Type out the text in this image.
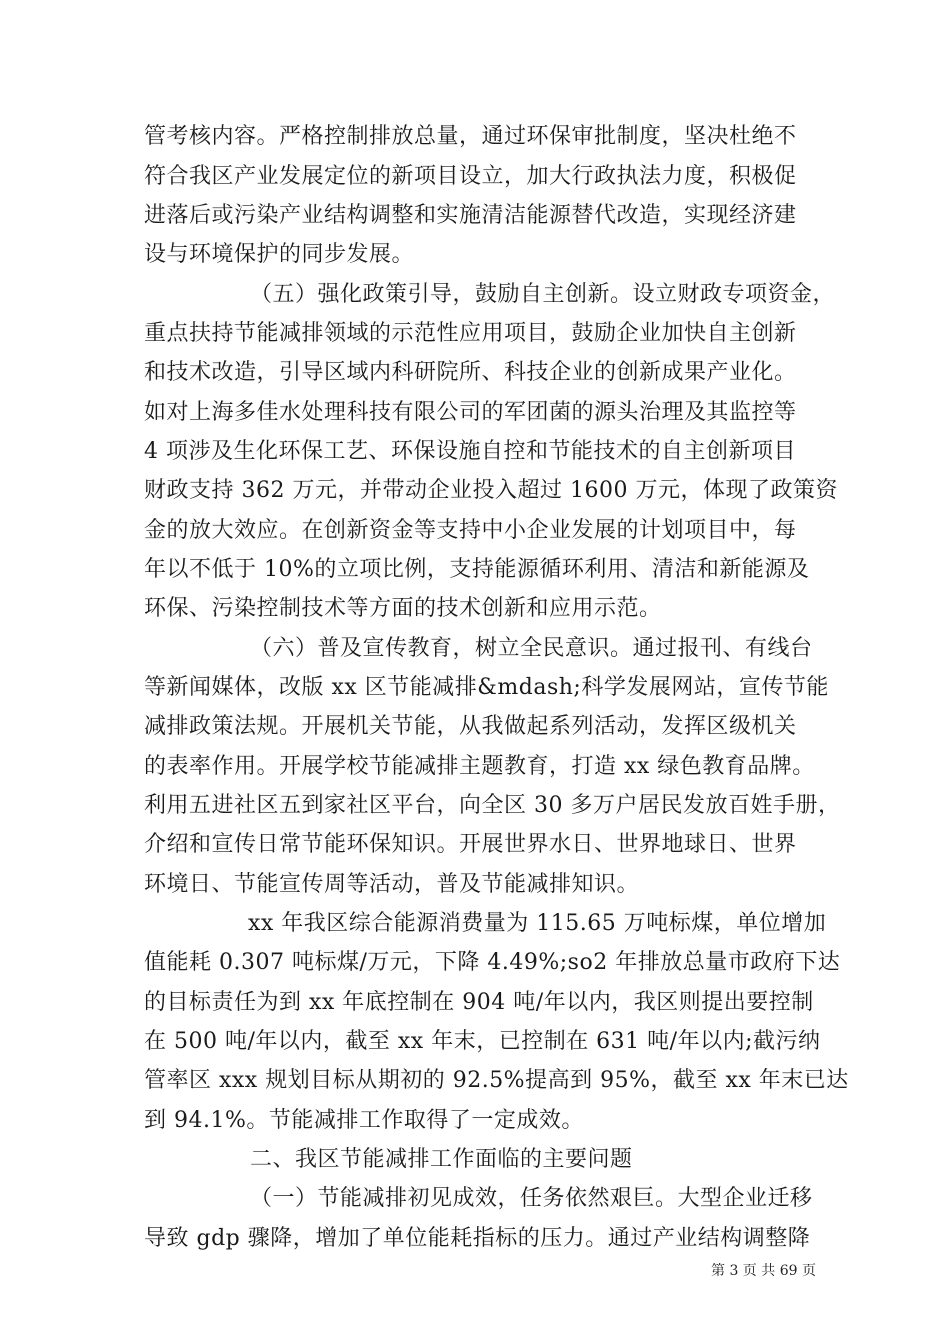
管考核内容。严格控制排放总量，通过环保审批制度，坚决杜绝不
符合我区产业发展定位的新项目设立，加大行政执法力度，积极促
进落后或污染产业结构调整和实施清洁能源替代改造，实现经济建
设与环境保护的同步发展。
（五）强化政策引导，鼓励自主创新。设立财政专项资金，
重点扶持节能减排领域的示范性应用项目，鼓励企业加快自主创新
和技术改造，引导区域内科研院所、科技企业的创新成果产业化。
如对上海多佳水处理科技有限公司的军团菌的源头治理及其监控等
4 项涉及生化环保工艺、环保设施自控和节能技术的自主创新项目
财政支持 362 万元，并带动企业投入超过 1600 万元，体现了政策资
金的放大效应。在创新资金等支持中小企业发展的计划项目中，每
年以不低于 10%的立项比例，支持能源循环利用、清洁和新能源及
环保、污染控制技术等方面的技术创新和应用示范。
（六）普及宣传教育，树立全民意识。通过报刊、有线台
等新闻媒体，改版 xx 区节能减排&mdash;科学发展网站，宣传节能
减排政策法规。开展机关节能，从我做起系列活动，发挥区级机关
的表率作用。开展学校节能减排主题教育，打造 xx 绿色教育品牌。
利用五进社区五到家社区平台，向全区 30 多万户居民发放百姓手册，
介绍和宣传日常节能环保知识。开展世界水日、世界地球日、世界
环境日、节能宣传周等活动，普及节能减排知识。
xx 年我区综合能源消费量为 115.65 万吨标煤，单位增加
值能耗 0.307 吨标煤/万元，下降 4.49%;so2 年排放总量市政府下达
的目标责任为到 xx 年底控制在 904 吨/年以内，我区则提出要控制
在 500 吨/年以内，截至 xx 年末，已控制在 631 吨/年以内;截污纳
管率区 xxx 规划目标从期初的 92.5%提高到 95%，截至 xx 年末已达
到 94.1%。节能减排工作取得了一定成效。
二、我区节能减排工作面临的主要问题
（一）节能减排初见成效，任务依然艰巨。大型企业迁移
导致 gdp 骤降，增加了单位能耗指标的压力。通过产业结构调整降
第 3 页 共 69 页
